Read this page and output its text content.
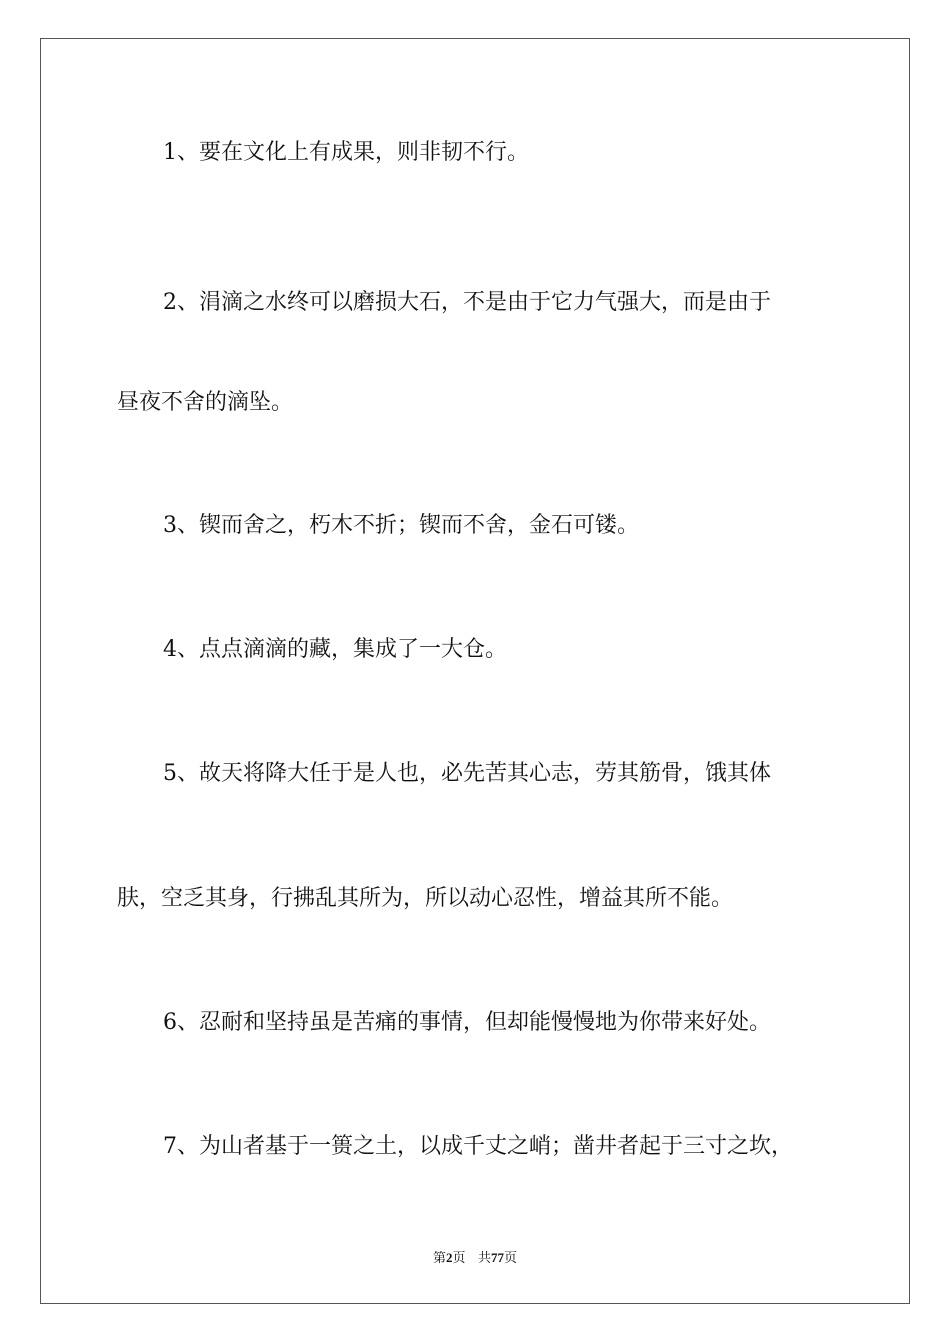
1、要在文化上有成果，则非韧不行。
2、涓滴之水终可以磨损大石，不是由于它力气强大，而是由于
昼夜不舍的滴坠。
3、锲而舍之，朽木不折；锲而不舍，金石可镂。
4、点点滴滴的藏，集成了一大仓。
5、故天将降大任于是人也，必先苦其心志，劳其筋骨，饿其体
肤，空乏其身，行拂乱其所为，所以动心忍性，增益其所不能。
6、忍耐和坚持虽是苦痛的事情，但却能慢慢地为你带来好处。
7、为山者基于一篑之土，以成千丈之峭；凿井者起于三寸之坎，
第2页 共77页
